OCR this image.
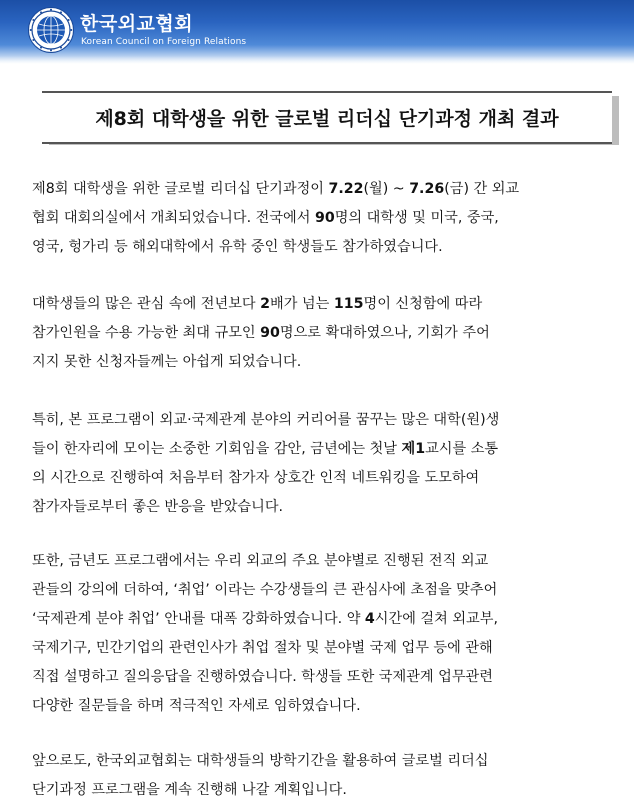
한국외교협회
Korean Council on Foreign Relations
제8회 대학생을 위한 글로벌 리더십 단기과정 개최 결과
제8회 대학생을 위한 글로벌 리더십 단기과정이 7.22(월) ~ 7.26(금) 간 외교
협회 대회의실에서 개최되었습니다. 전국에서 90명의 대학생 및 미국, 중국,
영국, 헝가리 등 해외대학에서 유학 중인 학생들도 참가하였습니다.
대학생들의 많은 관심 속에 전년보다 2배가 넘는 115명이 신청함에 따라
참가인원을 수용 가능한 최대 규모인 90명으로 확대하였으나, 기회가 주어
지지 못한 신청자들께는 아쉽게 되었습니다.
특히, 본 프로그램이 외교·국제관계 분야의 커리어를 꿈꾸는 많은 대학(원)생
들이 한자리에 모이는 소중한 기회임을 감안, 금년에는 첫날 제1교시를 소통
의 시간으로 진행하여 처음부터 참가자 상호간 인적 네트워킹을 도모하여
참가자들로부터 좋은 반응을 받았습니다.
또한, 금년도 프로그램에서는 우리 외교의 주요 분야별로 진행된 전직 외교
관들의 강의에 더하여, ‘취업’ 이라는 수강생들의 큰 관심사에 초점을 맞추어
‘국제관계 분야 취업’ 안내를 대폭 강화하였습니다. 약 4시간에 걸쳐 외교부,
국제기구, 민간기업의 관련인사가 취업 절차 및 분야별 국제 업무 등에 관해
직접 설명하고 질의응답을 진행하였습니다. 학생들 또한 국제관계 업무관련
다양한 질문들을 하며 적극적인 자세로 임하였습니다.
앞으로도, 한국외교협회는 대학생들의 방학기간을 활용하여 글로벌 리더십
단기과정 프로그램을 계속 진행해 나갈 계획입니다.
